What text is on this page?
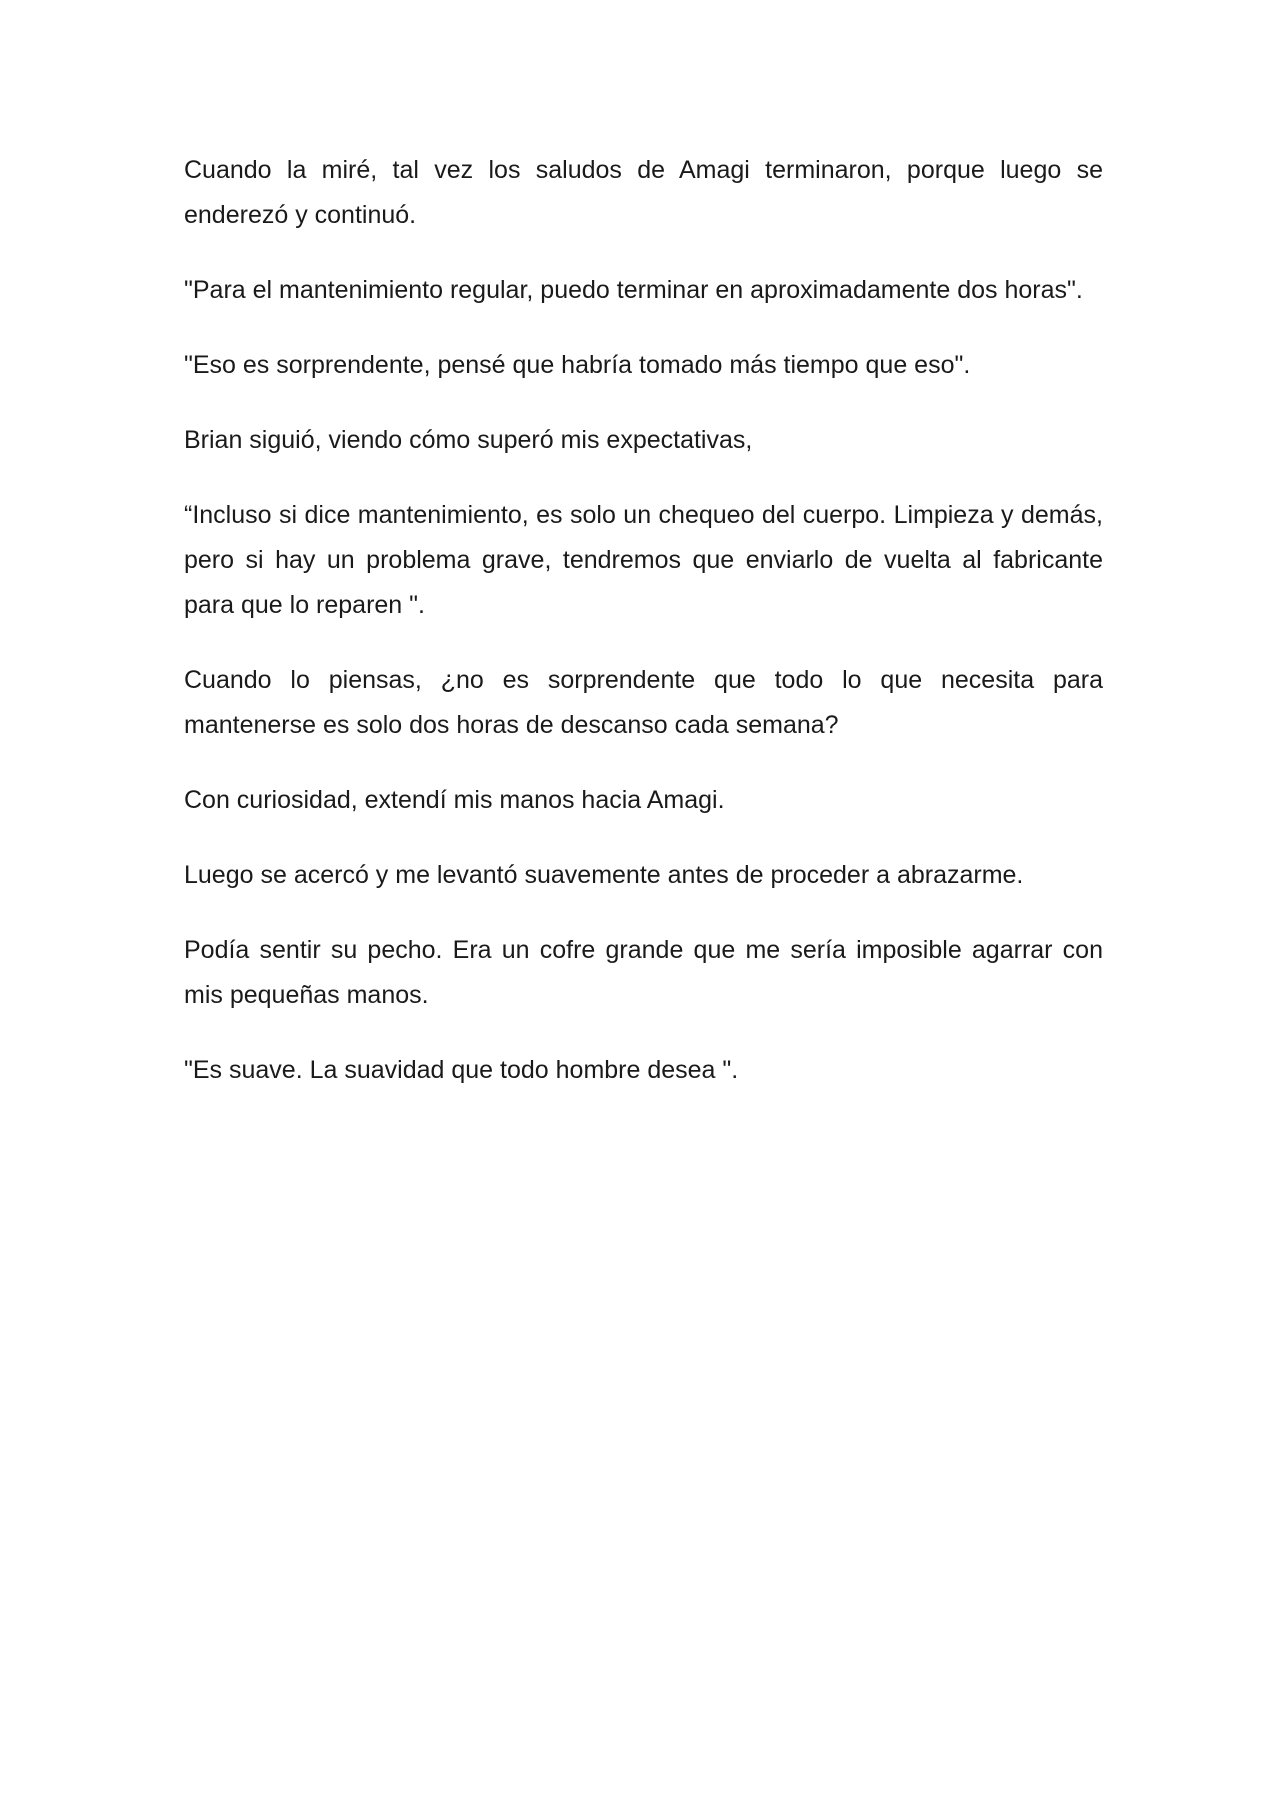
Cuando la miré, tal vez los saludos de Amagi terminaron, porque luego se enderezó y continuó.

"Para el mantenimiento regular, puedo terminar en aproximadamente dos horas".

"Eso es sorprendente, pensé que habría tomado más tiempo que eso".

Brian siguió, viendo cómo superó mis expectativas,

“Incluso si dice mantenimiento, es solo un chequeo del cuerpo. Limpieza y demás, pero si hay un problema grave, tendremos que enviarlo de vuelta al fabricante para que lo reparen ".

Cuando lo piensas, ¿no es sorprendente que todo lo que necesita para mantenerse es solo dos horas de descanso cada semana?

Con curiosidad, extendí mis manos hacia Amagi.

Luego se acercó y me levantó suavemente antes de proceder a abrazarme.

Podía sentir su pecho. Era un cofre grande que me sería imposible agarrar con mis pequeñas manos.

"Es suave. La suavidad que todo hombre desea ".
